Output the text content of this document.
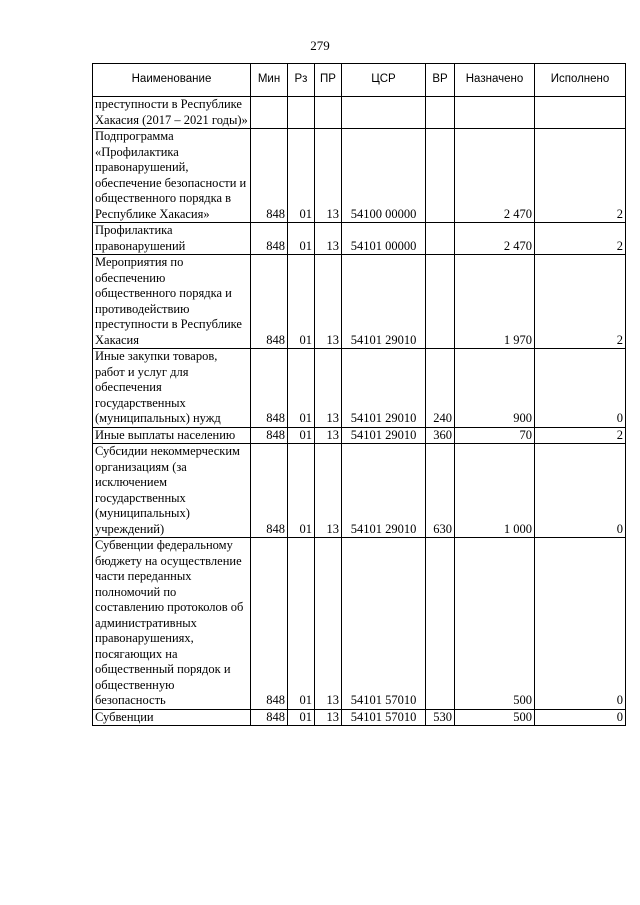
279
Наименование	Мин	Рз	ПР	ЦСР	ВР	Назначено	Исполнено
преступности в Республике Хакасия (2017 – 2021 годы)»							
Подпрограмма «Профилактика правонарушений, обеспечение безопасности и общественного порядка в Республике Хакасия»	848	01	13	54100 00000		2 470	2
Профилактика правонарушений	848	01	13	54101 00000		2 470	2
Мероприятия по обеспечению общественного порядка и противодействию преступности в Республике Хакасия	848	01	13	54101 29010		1 970	2
Иные закупки товаров, работ и услуг для обеспечения государственных (муниципальных) нужд	848	01	13	54101 29010	240	900	0
Иные выплаты населению	848	01	13	54101 29010	360	70	2
Субсидии некоммерческим организациям (за исключением государственных (муниципальных) учреждений)	848	01	13	54101 29010	630	1 000	0
Субвенции федеральному бюджету на осуществление части переданных полномочий по составлению протоколов об административных правонарушениях, посягающих на общественный порядок и общественную безопасность	848	01	13	54101 57010		500	0
Субвенции	848	01	13	54101 57010	530	500	0
